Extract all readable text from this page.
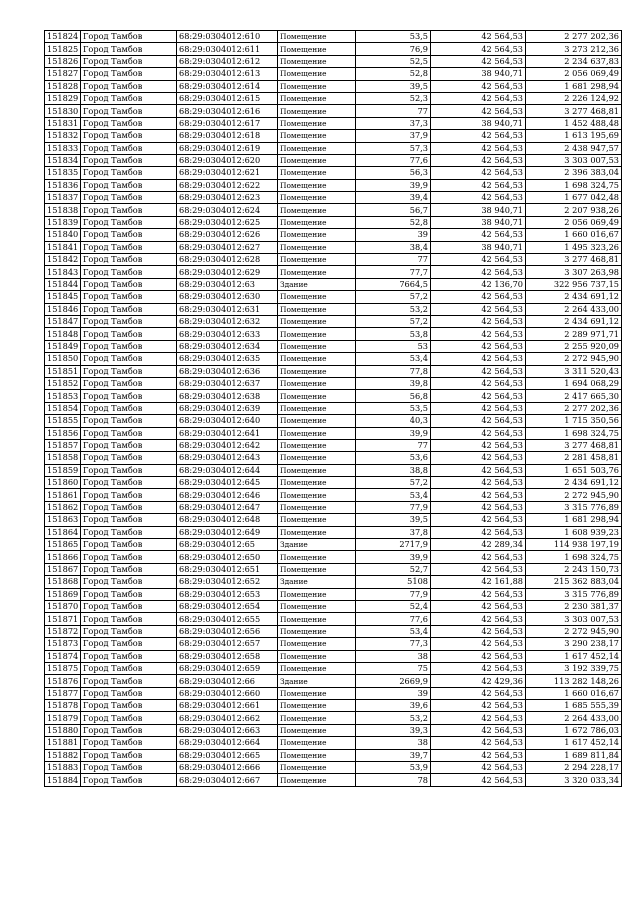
151824	Город Тамбов	68:29:0304012:610	Помещение	53,5	42 564,53	2 277 202,36
151825	Город Тамбов	68:29:0304012:611	Помещение	76,9	42 564,53	3 273 212,36
151826	Город Тамбов	68:29:0304012:612	Помещение	52,5	42 564,53	2 234 637,83
151827	Город Тамбов	68:29:0304012:613	Помещение	52,8	38 940,71	2 056 069,49
151828	Город Тамбов	68:29:0304012:614	Помещение	39,5	42 564,53	1 681 298,94
151829	Город Тамбов	68:29:0304012:615	Помещение	52,3	42 564,53	2 226 124,92
151830	Город Тамбов	68:29:0304012:616	Помещение	77	42 564,53	3 277 468,81
151831	Город Тамбов	68:29:0304012:617	Помещение	37,3	38 940,71	1 452 488,48
151832	Город Тамбов	68:29:0304012:618	Помещение	37,9	42 564,53	1 613 195,69
151833	Город Тамбов	68:29:0304012:619	Помещение	57,3	42 564,53	2 438 947,57
151834	Город Тамбов	68:29:0304012:620	Помещение	77,6	42 564,53	3 303 007,53
151835	Город Тамбов	68:29:0304012:621	Помещение	56,3	42 564,53	2 396 383,04
151836	Город Тамбов	68:29:0304012:622	Помещение	39,9	42 564,53	1 698 324,75
151837	Город Тамбов	68:29:0304012:623	Помещение	39,4	42 564,53	1 677 042,48
151838	Город Тамбов	68:29:0304012:624	Помещение	56,7	38 940,71	2 207 938,26
151839	Город Тамбов	68:29:0304012:625	Помещение	52,8	38 940,71	2 056 069,49
151840	Город Тамбов	68:29:0304012:626	Помещение	39	42 564,53	1 660 016,67
151841	Город Тамбов	68:29:0304012:627	Помещение	38,4	38 940,71	1 495 323,26
151842	Город Тамбов	68:29:0304012:628	Помещение	77	42 564,53	3 277 468,81
151843	Город Тамбов	68:29:0304012:629	Помещение	77,7	42 564,53	3 307 263,98
151844	Город Тамбов	68:29:0304012:63	Здание	7664,5	42 136,70	322 956 737,15
151845	Город Тамбов	68:29:0304012:630	Помещение	57,2	42 564,53	2 434 691,12
151846	Город Тамбов	68:29:0304012:631	Помещение	53,2	42 564,53	2 264 433,00
151847	Город Тамбов	68:29:0304012:632	Помещение	57,2	42 564,53	2 434 691,12
151848	Город Тамбов	68:29:0304012:633	Помещение	53,8	42 564,53	2 289 971,71
151849	Город Тамбов	68:29:0304012:634	Помещение	53	42 564,53	2 255 920,09
151850	Город Тамбов	68:29:0304012:635	Помещение	53,4	42 564,53	2 272 945,90
151851	Город Тамбов	68:29:0304012:636	Помещение	77,8	42 564,53	3 311 520,43
151852	Город Тамбов	68:29:0304012:637	Помещение	39,8	42 564,53	1 694 068,29
151853	Город Тамбов	68:29:0304012:638	Помещение	56,8	42 564,53	2 417 665,30
151854	Город Тамбов	68:29:0304012:639	Помещение	53,5	42 564,53	2 277 202,36
151855	Город Тамбов	68:29:0304012:640	Помещение	40,3	42 564,53	1 715 350,56
151856	Город Тамбов	68:29:0304012:641	Помещение	39,9	42 564,53	1 698 324,75
151857	Город Тамбов	68:29:0304012:642	Помещение	77	42 564,53	3 277 468,81
151858	Город Тамбов	68:29:0304012:643	Помещение	53,6	42 564,53	2 281 458,81
151859	Город Тамбов	68:29:0304012:644	Помещение	38,8	42 564,53	1 651 503,76
151860	Город Тамбов	68:29:0304012:645	Помещение	57,2	42 564,53	2 434 691,12
151861	Город Тамбов	68:29:0304012:646	Помещение	53,4	42 564,53	2 272 945,90
151862	Город Тамбов	68:29:0304012:647	Помещение	77,9	42 564,53	3 315 776,89
151863	Город Тамбов	68:29:0304012:648	Помещение	39,5	42 564,53	1 681 298,94
151864	Город Тамбов	68:29:0304012:649	Помещение	37,8	42 564,53	1 608 939,23
151865	Город Тамбов	68:29:0304012:65	Здание	2717,9	42 289,34	114 938 197,19
151866	Город Тамбов	68:29:0304012:650	Помещение	39,9	42 564,53	1 698 324,75
151867	Город Тамбов	68:29:0304012:651	Помещение	52,7	42 564,53	2 243 150,73
151868	Город Тамбов	68:29:0304012:652	Здание	5108	42 161,88	215 362 883,04
151869	Город Тамбов	68:29:0304012:653	Помещение	77,9	42 564,53	3 315 776,89
151870	Город Тамбов	68:29:0304012:654	Помещение	52,4	42 564,53	2 230 381,37
151871	Город Тамбов	68:29:0304012:655	Помещение	77,6	42 564,53	3 303 007,53
151872	Город Тамбов	68:29:0304012:656	Помещение	53,4	42 564,53	2 272 945,90
151873	Город Тамбов	68:29:0304012:657	Помещение	77,3	42 564,53	3 290 238,17
151874	Город Тамбов	68:29:0304012:658	Помещение	38	42 564,53	1 617 452,14
151875	Город Тамбов	68:29:0304012:659	Помещение	75	42 564,53	3 192 339,75
151876	Город Тамбов	68:29:0304012:66	Здание	2669,9	42 429,36	113 282 148,26
151877	Город Тамбов	68:29:0304012:660	Помещение	39	42 564,53	1 660 016,67
151878	Город Тамбов	68:29:0304012:661	Помещение	39,6	42 564,53	1 685 555,39
151879	Город Тамбов	68:29:0304012:662	Помещение	53,2	42 564,53	2 264 433,00
151880	Город Тамбов	68:29:0304012:663	Помещение	39,3	42 564,53	1 672 786,03
151881	Город Тамбов	68:29:0304012:664	Помещение	38	42 564,53	1 617 452,14
151882	Город Тамбов	68:29:0304012:665	Помещение	39,7	42 564,53	1 689 811,84
151883	Город Тамбов	68:29:0304012:666	Помещение	53,9	42 564,53	2 294 228,17
151884	Город Тамбов	68:29:0304012:667	Помещение	78	42 564,53	3 320 033,34
